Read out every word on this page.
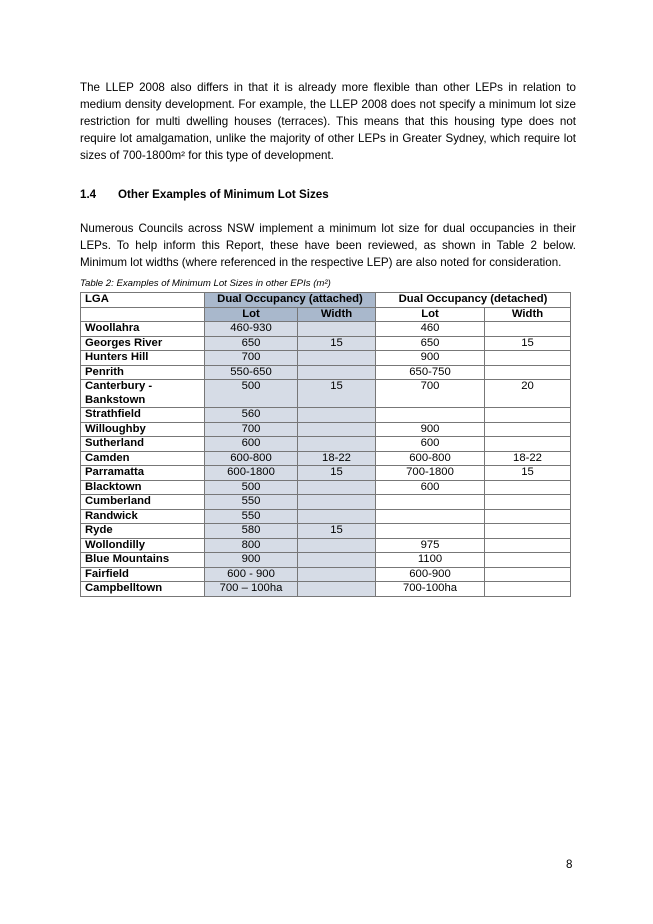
The LLEP 2008 also differs in that it is already more flexible than other LEPs in relation to medium density development. For example, the LLEP 2008 does not specify a minimum lot size restriction for multi dwelling houses (terraces). This means that this housing type does not require lot amalgamation, unlike the majority of other LEPs in Greater Sydney, which require lot sizes of 700-1800m² for this type of development.

1.4 Other Examples of Minimum Lot Sizes

Numerous Councils across NSW implement a minimum lot size for dual occupancies in their LEPs. To help inform this Report, these have been reviewed, as shown in Table 2 below. Minimum lot widths (where referenced in the respective LEP) are also noted for consideration.

Table 2: Examples of Minimum Lot Sizes in other EPIs (m²)

LGA	Dual Occupancy (attached)		Dual Occupancy (detached)	
	Lot	Width	Lot	Width
Woollahra	460-930		460	
Georges River	650	15	650	15
Hunters Hill	700		900	
Penrith	550-650		650-750	
Canterbury - Bankstown	500	15	700	20
Strathfield	560			
Willoughby	700		900	
Sutherland	600		600	
Camden	600-800	18-22	600-800	18-22
Parramatta	600-1800	15	700-1800	15
Blacktown	500		600	
Cumberland	550			
Randwick	550			
Ryde	580	15		
Wollondilly	800		975	
Blue Mountains	900		1100	
Fairfield	600 - 900		600-900	
Campbelltown	700 – 100ha		700-100ha	
8
